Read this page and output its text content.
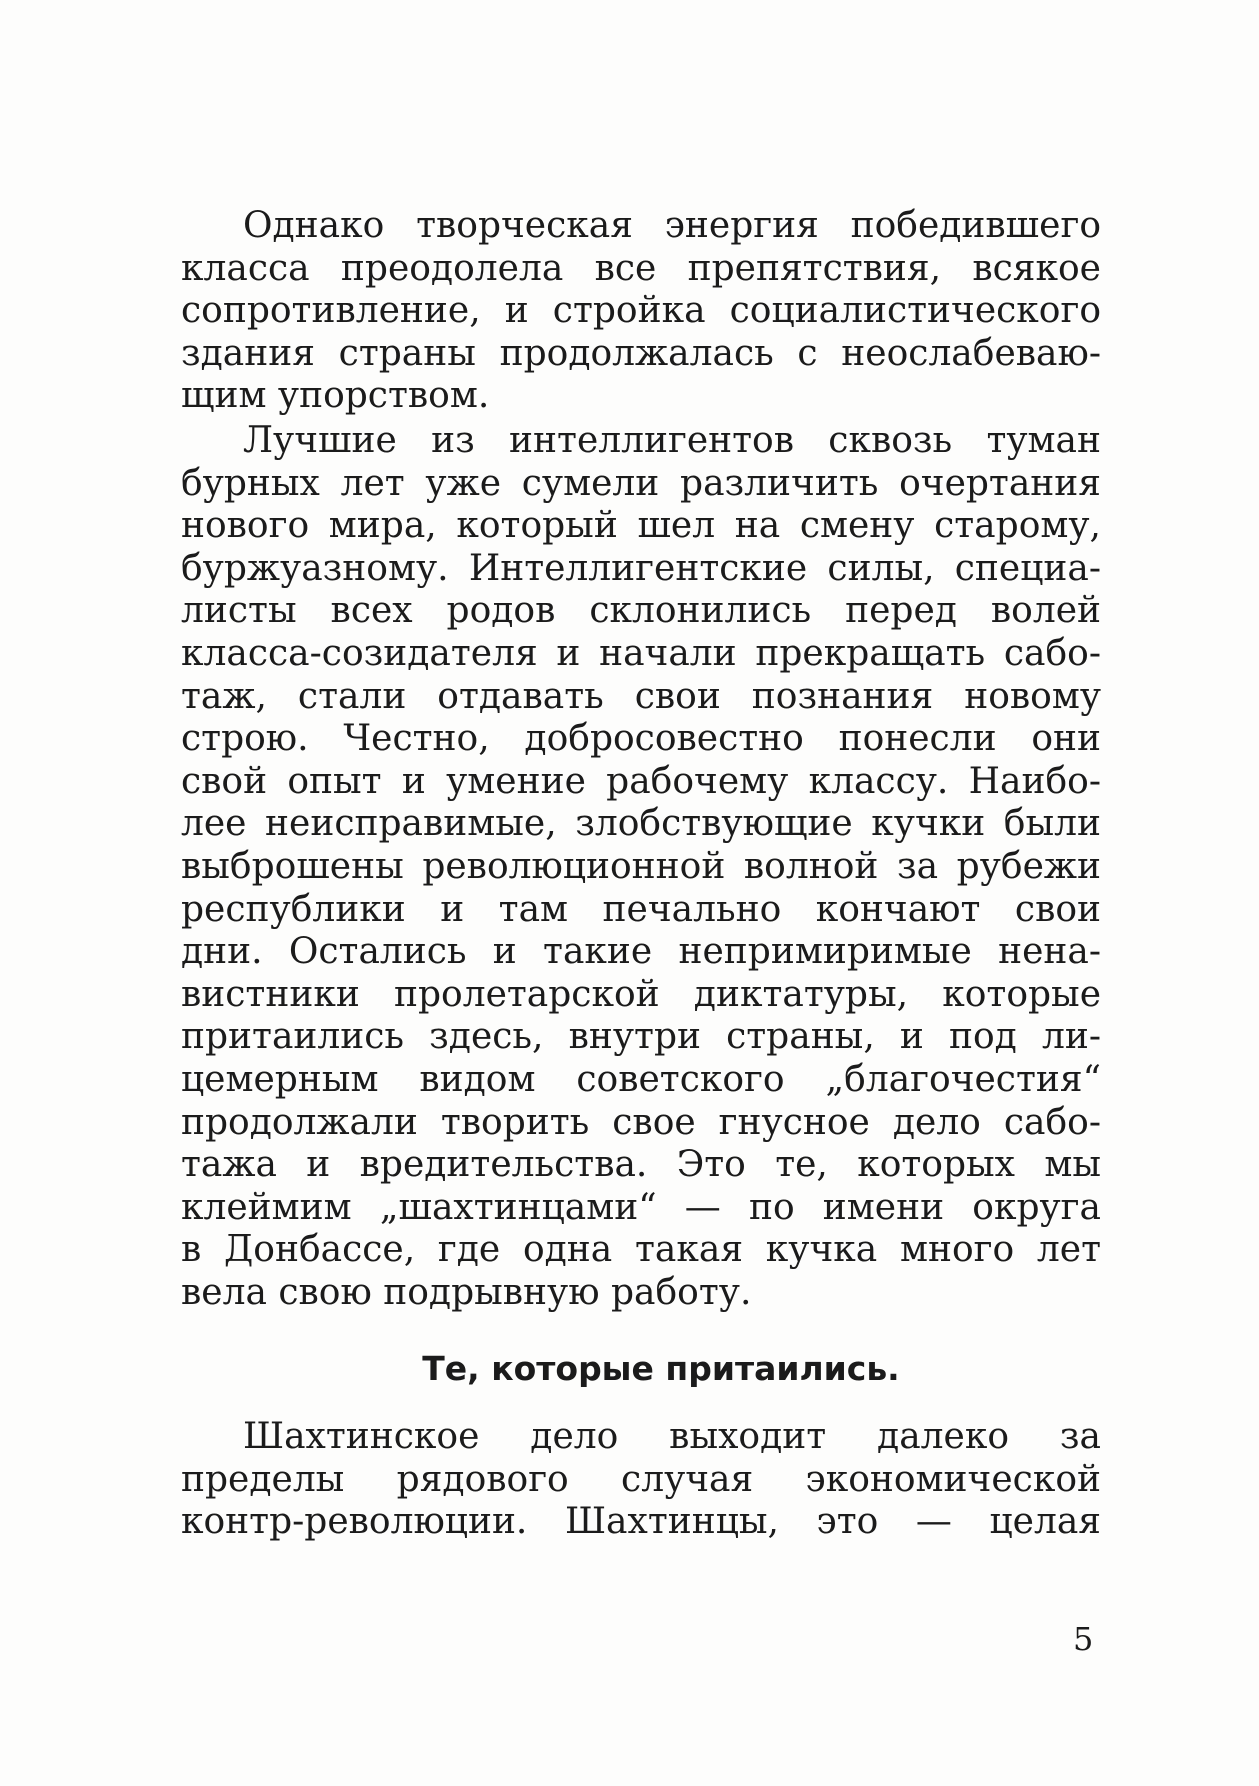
Однако творческая энергия победившего
класса преодолела все препятствия, всякое
сопротивление, и стройка социалистического
здания страны продолжалась с неослабеваю-
щим упорством.
Лучшие из интеллигентов сквозь туман
бурных лет уже сумели различить очертания
нового мира, который шел на смену старому,
буржуазному. Интеллигентские силы, специа-
листы всех родов склонились перед волей
класса-созидателя и начали прекращать сабо-
таж, стали отдавать свои познания новому
строю. Честно, добросовестно понесли они
свой опыт и умение рабочему классу. Наибо-
лее неисправимые, злобствующие кучки были
выброшены революционной волной за рубежи
республики и там печально кончают свои
дни. Остались и такие непримиримые нена-
вистники пролетарской диктатуры, которые
притаились здесь, внутри страны, и под ли-
цемерным видом советского „благочестия“
продолжали творить свое гнусное дело сабо-
тажа и вредительства. Это те, которых мы
клеймим „шахтинцами“ — по имени округа
в Донбассе, где одна такая кучка много лет
вела свою подрывную работу.
Те, которые притаились.
Шахтинское дело выходит далеко за
пределы рядового случая экономической
контр-революции. Шахтинцы, это — целая
5
